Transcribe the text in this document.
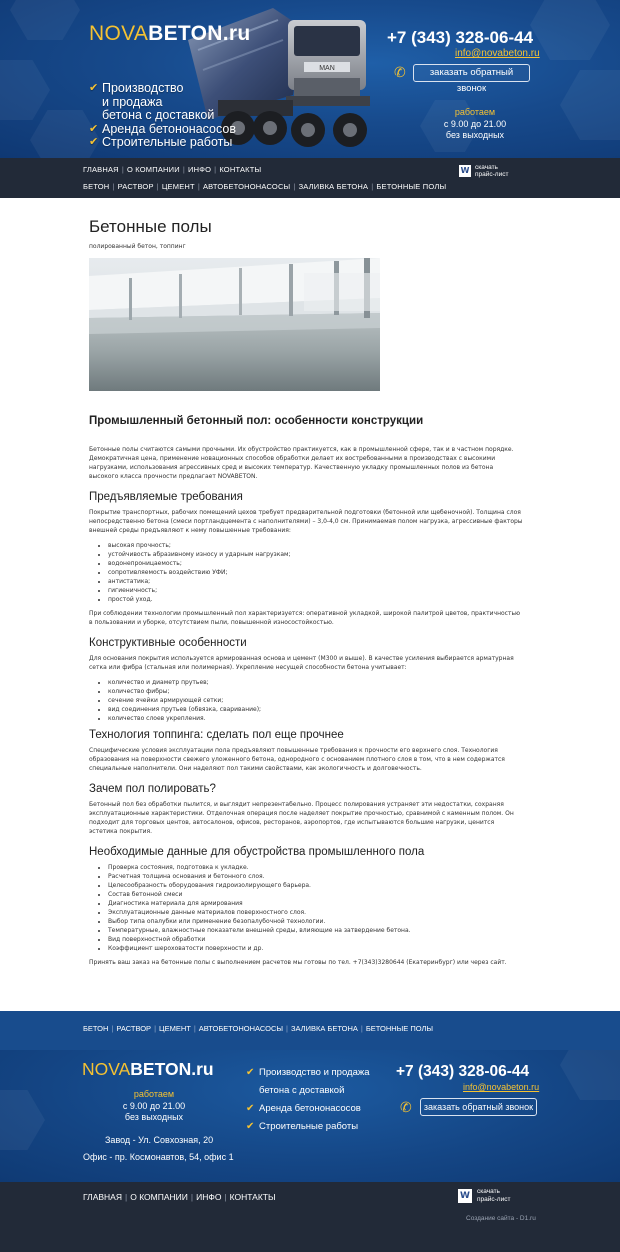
MAN
NOVABETON.ru
✔ Производство
и продажа
бетона с доставкой
✔ Аренда бетононасосов
✔ Строительные работы
+7 (343) 328-06-44
info@novabeton.ru
✆	заказать обратный звонок
работаем
с 9.00 до 21.00
без выходных
ГЛАВНАЯ | О КОМПАНИИ | ИНФО | КОНТАКТЫ
БЕТОН | РАСТВОР | ЦЕМЕНТ | АВТОБЕТОНОНАСОСЫ | ЗАЛИВКА БЕТОНА | БЕТОННЫЕ ПОЛЫ
W скачать
прайс-лист
Бетонные полы
полированный бетон, топпинг
Промышленный бетонный пол: особенности конструкции

Бетонные полы считаются самыми прочными. Их обустройство практикуется, как в промышленной сфере, так и в частном порядке. Демократичная цена, применение новационных способов обработки делает их востребованными в производствах с высокими нагрузками, использования агрессивных сред и высоких температур. Качественную укладку промышленных полов из бетона высокого класса прочности предлагает NOVABETON.

Предъявляемые требования

Покрытие транспортных, рабочих помещений цехов требует предварительной подготовки (бетонной или щебеночной). Толщина слоя непосредственно бетона (смеси портландцемента с наполнителями) – 3,0-4,0 см. Принимаемая полом нагрузка, агрессивные факторы внешней среды предъявляют к нему повышенные требования:

• высокая прочность;
• устойчивость абразивному износу и ударным нагрузкам;
• водонепроницаемость;
• сопротивляемость воздействию УФИ;
• антистатика;
• гигиеничность;
• простой уход.

При соблюдении технологии промышленный пол характеризуется: оперативной укладкой, широкой палитрой цветов, практичностью в пользовании и уборке, отсутствием пыли, повышенной износостойкостью.

Конструктивные особенности

Для основания покрытия используется армированная основа и цемент (М300 и выше). В качестве усиления выбирается арматурная сетка или фибра (стальная или полимерная). Укрепление несущей способности бетона учитывает:

• количество и диаметр прутьев;
• количество фибры;
• сечение ячейки армирующей сетки;
• вид соединения прутьев (обвязка, сваривание);
• количество слоев укрепления.
Технология топпинга: сделать пол еще прочнее

Специфические условия эксплуатации пола предъявляют повышенные требования к прочности его верхнего слоя. Технология образования на поверхности свежего уложенного бетона, однородного с основанием плотного слоя в том, что в нем содержатся специальные наполнители. Они наделяют пол такими свойствами, как экологичность и долговечность.

Зачем пол полировать?

Бетонный пол без обработки пылится, и выглядит непрезентабельно. Процесс полирования устраняет эти недостатки, сохраняя эксплуатационные характеристики. Отделочная операция после наделяет покрытие прочностью, сравнимой с каменным полом. Он подходит для торговых центов, автосалонов, офисов, ресторанов, аэропортов, где испытываются большие нагрузки, ценится эстетика покрытия.

Необходимые данные для обустройства промышленного пола
• Проверка состояния, подготовка к укладке.
• Расчетная толщина основания и бетонного слоя.
• Целесообразность оборудования гидроизолирующего барьера.
• Состав бетонной смеси
• Диагностика материала для армирования
• Эксплуатационные данные материалов поверхностного слоя.
• Выбор типа опалубки или применение безопалубочной технологии.
• Температурные, влажностные показатели внешней среды, влияющие на затвердение бетона.
• Вид поверхностной обработки
• Коэффициент шероховатости поверхности и др.

Принять ваш заказ на бетонные полы с выполнением расчетов мы готовы по тел. +7(343)3280644 (Екатеринбург) или через сайт.

БЕТОН | РАСТВОР | ЦЕМЕНТ | АВТОБЕТОНОНАСОСЫ | ЗАЛИВКА БЕТОНА | БЕТОННЫЕ ПОЛЫ
NOVABETON.ru
работаем
с 9.00 до 21.00
без выходных
Завод - Ул. Совхозная, 20
Офис - пр. Космонавтов, 54, офис 1
✔ Производство и продажа
бетона с доставкой
✔ Аренда бетононасосов
✔ Строительные работы
+7 (343) 328-06-44
info@novabeton.ru
✆	заказать обратный звонок
ГЛАВНАЯ | О КОМПАНИИ | ИНФО | КОНТАКТЫ	W	скачать
прайс-лист
Создание сайта - D1.ru
